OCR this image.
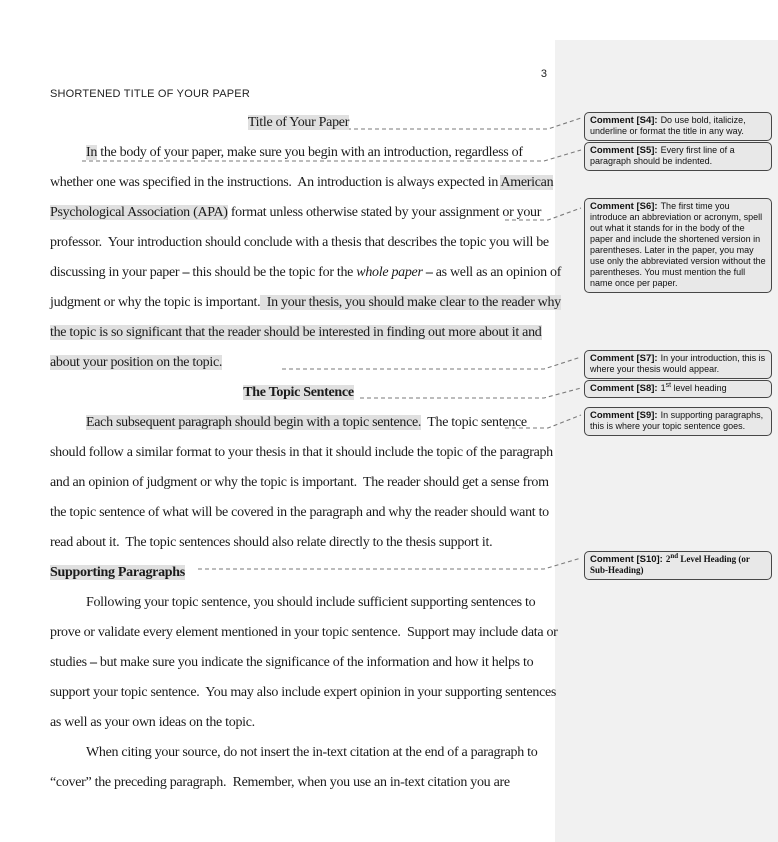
3
SHORTENED TITLE OF YOUR PAPER
Title of Your Paper
In the body of your paper, make sure you begin with an introduction, regardless of
whether one was specified in the instructions.  An introduction is always expected in American
Psychological Association (APA) format unless otherwise stated by your assignment or your
professor.  Your introduction should conclude with a thesis that describes the topic you will be
discussing in your paper – this should be the topic for the whole paper – as well as an opinion of
judgment or why the topic is important.  In your thesis, you should make clear to the reader why
the topic is so significant that the reader should be interested in finding out more about it and
about your position on the topic.
The Topic Sentence
Each subsequent paragraph should begin with a topic sentence.  The topic sentence
should follow a similar format to your thesis in that it should include the topic of the paragraph
and an opinion of judgment or why the topic is important.  The reader should get a sense from
the topic sentence of what will be covered in the paragraph and why the reader should want to
read about it.  The topic sentences should also relate directly to the thesis support it.
Supporting Paragraphs
Following your topic sentence, you should include sufficient supporting sentences to
prove or validate every element mentioned in your topic sentence.  Support may include data or
studies – but make sure you indicate the significance of the information and how it helps to
support your topic sentence.  You may also include expert opinion in your supporting sentences
as well as your own ideas on the topic.
When citing your source, do not insert the in-text citation at the end of a paragraph to
“cover” the preceding paragraph.  Remember, when you use an in-text citation you are
Comment [S4]: Do use bold, italicize, underline or format the title in any way.
Comment [S5]: Every first line of a paragraph should be indented.
Comment [S6]: The first time you introduce an abbreviation or acronym, spell out what it stands for in the body of the paper and include the shortened version in parentheses. Later in the paper, you may use only the abbreviated version without the parentheses. You must mention the full name once per paper.
Comment [S7]: In your introduction, this is where your thesis would appear.
Comment [S8]: 1st level heading
Comment [S9]: In supporting paragraphs, this is where your topic sentence goes.
Comment [S10]: 2nd Level Heading (or Sub-Heading)
